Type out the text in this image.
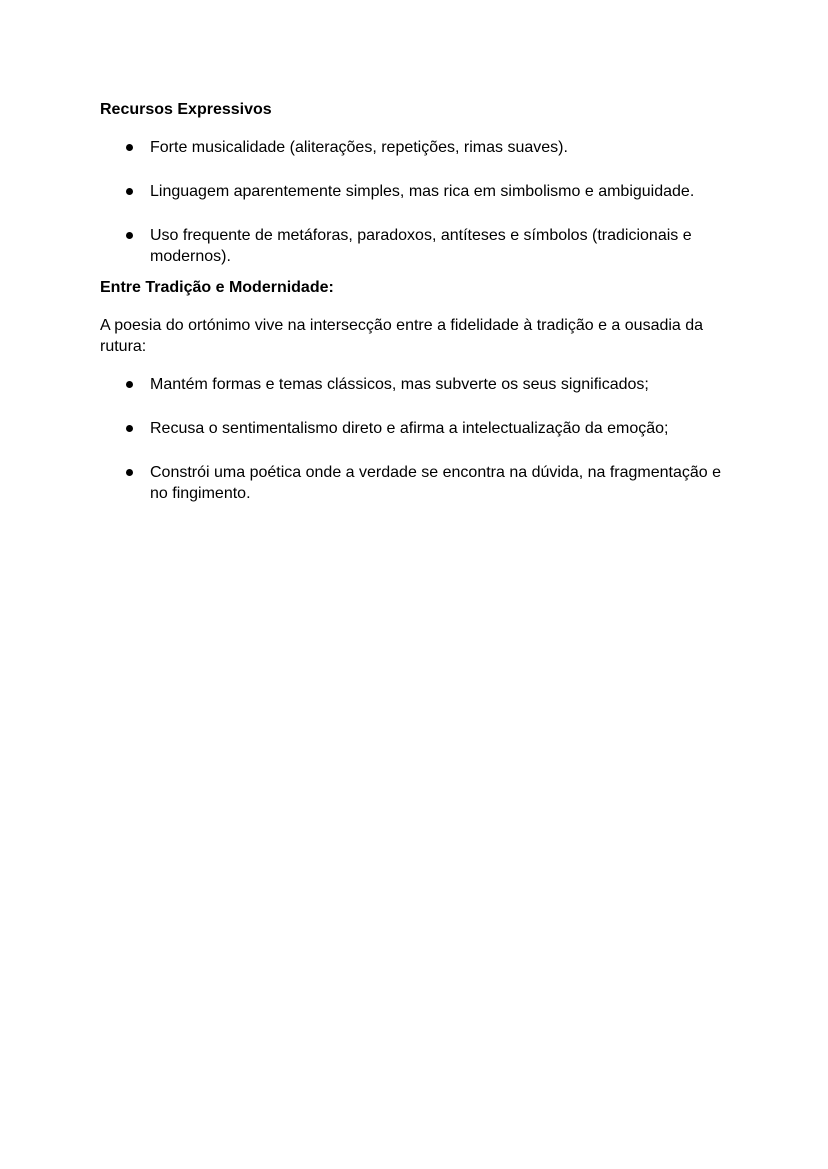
Recursos Expressivos
Forte musicalidade (aliterações, repetições, rimas suaves).
Linguagem aparentemente simples, mas rica em simbolismo e ambiguidade.
Uso frequente de metáforas, paradoxos, antíteses e símbolos (tradicionais e modernos).
Entre Tradição e Modernidade:

A poesia do ortónimo vive na intersecção entre a fidelidade à tradição e a ousadia da rutura:

Mantém formas e temas clássicos, mas subverte os seus significados;
Recusa o sentimentalismo direto e afirma a intelectualização da emoção;
Constrói uma poética onde a verdade se encontra na dúvida, na fragmentação e no fingimento.
